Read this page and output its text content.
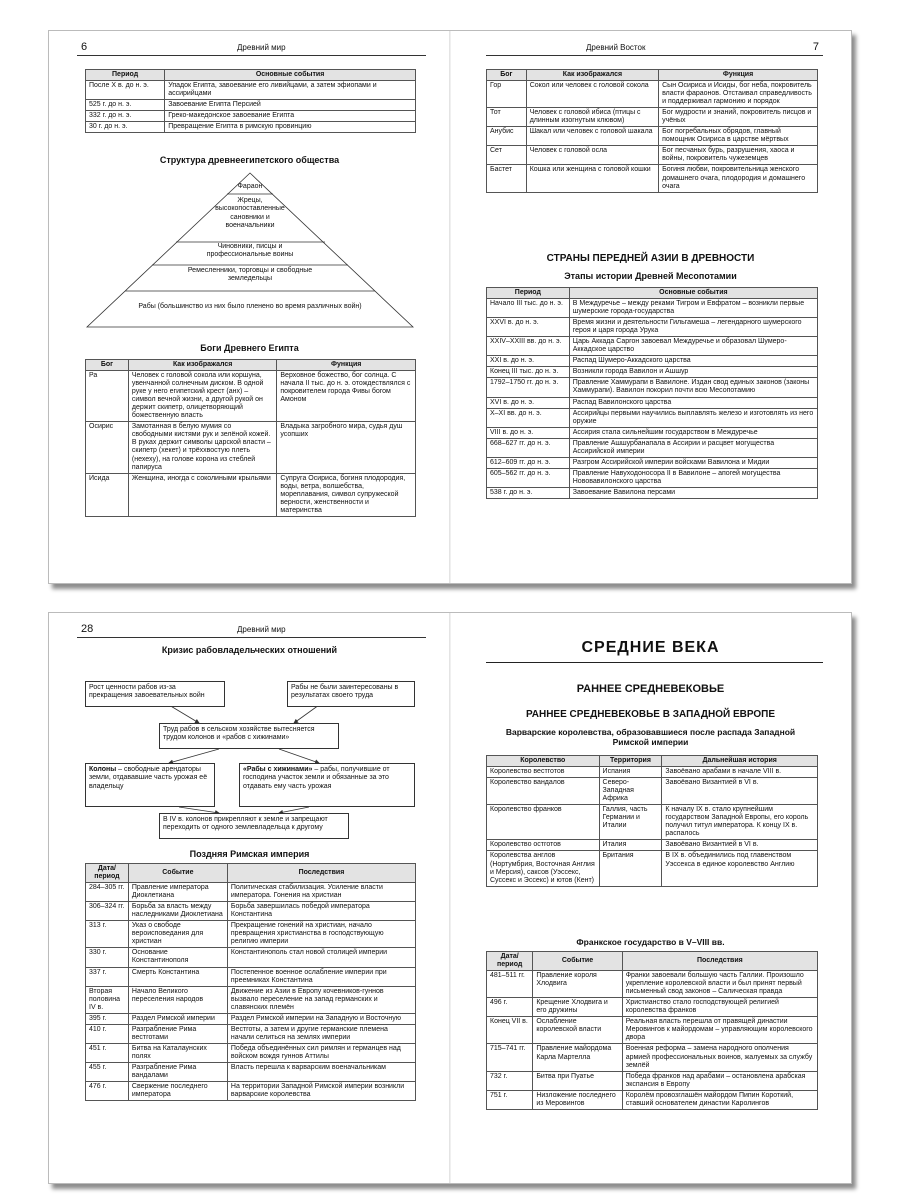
6	Древний мир
Период	Основные события
После X в. до н. э.	Упадок Египта, завоевание его ливийцами, а затем эфиопами и ассирийцами
525 г. до н. э.	Завоевание Египта Персией
332 г. до н. э.	Греко-македонское завоевание Египта
30 г. до н. э.	Превращение Египта в римскую провинцию
Структура древнеегипетского общества
Фараон
Жрецы, высокопоставленные сановники и военачальники
Чиновники, писцы и профессиональные воины
Ремесленники, торговцы и свободные земледельцы
Рабы (большинство из них было пленено во время различных войн)
Боги Древнего Египта
Бог	Как изображался	Функция
Ра	Человек с головой сокола или коршуна, увенчанной солнечным диском. В одной руке у него египетский крест (анх) – символ вечной жизни, а другой рукой он держит скипетр, олицетворяющий божественную власть	Верховное божество, бог солнца. С начала II тыс. до н. э. отождествлялся с покровителем города Фивы богом Амоном
Осирис	Замотанная в белую мумия со свободными кистями рук и зелёной кожей. В руках держит символы царской власти – скипетр (хекет) и трёххвостую плеть (нехеху), на голове корона из стеблей папируса	Владыка загробного мира, судья душ усопших
Исида	Женщина, иногда с соколиными крыльями	Супруга Осириса, богиня плодородия, воды, ветра, волшебства, мореплавания, символ супружеской верности, женственности и материнства
Древний Восток	7
Бог	Как изображался	Функция
Гор	Сокол или человек с головой сокола	Сын Осириса и Исиды, бог неба, покровитель власти фараонов. Отстаивал справедливость и поддерживал гармонию и порядок
Тот	Человек с головой ибиса (птицы с длинным изогнутым клювом)	Бог мудрости и знаний, покровитель писцов и учёных
Анубис	Шакал или человек с головой шакала	Бог погребальных обрядов, главный помощник Осириса в царстве мёртвых
Сет	Человек с головой осла	Бог песчаных бурь, разрушения, хаоса и войны, покровитель чужеземцев
Бастет	Кошка или женщина с головой кошки	Богиня любви, покровительница женского домашнего очага, плодородия и домашнего очага
СТРАНЫ ПЕРЕДНЕЙ АЗИИ В ДРЕВНОСТИ
Этапы истории Древней Месопотамии
Период	Основные события
Начало III тыс. до н. э.	В Междуречье – между реками Тигром и Евфратом – возникли первые шумерские города-государства
XXVI в. до н. э.	Время жизни и деятельности Гильгамеша – легендарного шумерского героя и царя города Урука
XXIV–XXIII вв. до н. э.	Царь Аккада Саргон завоевал Междуречье и образовал Шумеро-Аккадское царство
XXI в. до н. э.	Распад Шумеро-Аккадского царства
Конец III тыс. до н. э.	Возникли города Вавилон и Ашшур
1792–1750 гг. до н. э.	Правление Хаммурапи в Вавилоне. Издан свод единых законов (законы Хаммурапи). Вавилон покорил почти всю Месопотамию
XVI в. до н. э.	Распад Вавилонского царства
X–XI вв. до н. э.	Ассирийцы первыми научились выплавлять железо и изготовлять из него оружие
VIII в. до н. э.	Ассирия стала сильнейшим государством в Междуречье
668–627 гг. до н. э.	Правление Ашшурбанапала в Ассирии и расцвет могущества Ассирийской империи
612–609 гг. до н. э.	Разгром Ассирийской империи войсками Вавилона и Мидии
605–562 гг. до н. э.	Правление Навуходоносора II в Вавилоне – апогей могущества Нововавилонского царства
538 г. до н. э.	Завоевание Вавилона персами
28	Древний мир
Кризис рабовладельческих отношений
Рост ценности рабов из-за прекращения завоевательных войн
Рабы не были заинтересованы в результатах своего труда
Труд рабов в сельском хозяйстве вытесняется трудом колонов и «рабов с хижинами»
Колоны – свободные арендаторы земли, отдававшие часть урожая её владельцу
«Рабы с хижинами» – рабы, получившие от господина участок земли и обязанные за это отдавать ему часть урожая
В IV в. колонов прикрепляют к земле и запрещают переходить от одного землевладельца к другому
Поздняя Римская империя
Дата/ период	Событие	Последствия
284–305 гг.	Правление императора Диоклетиана	Политическая стабилизация. Усиление власти императора. Гонения на христиан
306–324 гг.	Борьба за власть между наследниками Диоклетиана	Борьба завершилась победой императора Константина
313 г.	Указ о свободе вероисповедания для христиан	Прекращение гонений на христиан, начало превращения христианства в господствующую религию империи
330 г.	Основание Константинополя	Константинополь стал новой столицей империи
337 г.	Смерть Константина	Постепенное военное ослабление империи при преемниках Константина
Вторая половина IV в.	Начало Великого переселения народов	Движение из Азии в Европу кочевников-гуннов вызвало переселение на запад германских и славянских племён
395 г.	Раздел Римской империи	Раздел Римской империи на Западную и Восточную
410 г.	Разграбление Рима вестготами	Вестготы, а затем и другие германские племена начали селиться на землях империи
451 г.	Битва на Каталаунских полях	Победа объединённых сил римлян и германцев над войском вождя гуннов Аттилы
455 г.	Разграбление Рима вандалами	Власть перешла к варварским военачальникам
476 г.	Свержение последнего императора	На территории Западной Римской империи возникли варварские королевства
СРЕДНИЕ ВЕКА
РАННЕЕ СРЕДНЕВЕКОВЬЕ
РАННЕЕ СРЕДНЕВЕКОВЬЕ В ЗАПАДНОЙ ЕВРОПЕ
Варварские королевства, образовавшиеся после распада Западной Римской империи
Королевство	Территория	Дальнейшая история
Королевство вестготов	Испания	Завоёвано арабами в начале VIII в.
Королевство вандалов	Северо-Западная Африка	Завоёвано Византией в VI в.
Королевство франков	Галлия, часть Германии и Италии	К началу IX в. стало крупнейшим государством Западной Европы, его король получил титул императора. К концу IX в. распалось
Королевство остготов	Италия	Завоёвано Византией в VI в.
Королевства англов (Нортумбрия, Восточная Англия и Мерсия), саксов (Уэссекс, Суссекс и Эссекс) и ютов (Кент)	Британия	В IX в. объединились под главенством Уэссекса в единое королевство Англию
Франкское государство в V–VIII вв.
Дата/ период	Событие	Последствия
481–511 гг.	Правление короля Хлодвига	Франки завоевали большую часть Галлии. Произошло укрепление королевской власти и был принят первый письменный свод законов – Салическая правда
496 г.	Крещение Хлодвига и его дружины	Христианство стало господствующей религией королевства франков
Конец VII в.	Ослабление королевской власти	Реальная власть перешла от правящей династии Меровингов к майордомам – управляющим королевского двора
715–741 гг.	Правление майордома Карла Мартелла	Военная реформа – замена народного ополчения армией профессиональных воинов, жалуемых за службу землёй
732 г.	Битва при Пуатье	Победа франков над арабами – остановлена арабская экспансия в Европу
751 г.	Низложение последнего из Меровингов	Королём провозглашён майордом Пипин Короткий, ставший основателем династии Каролингов
